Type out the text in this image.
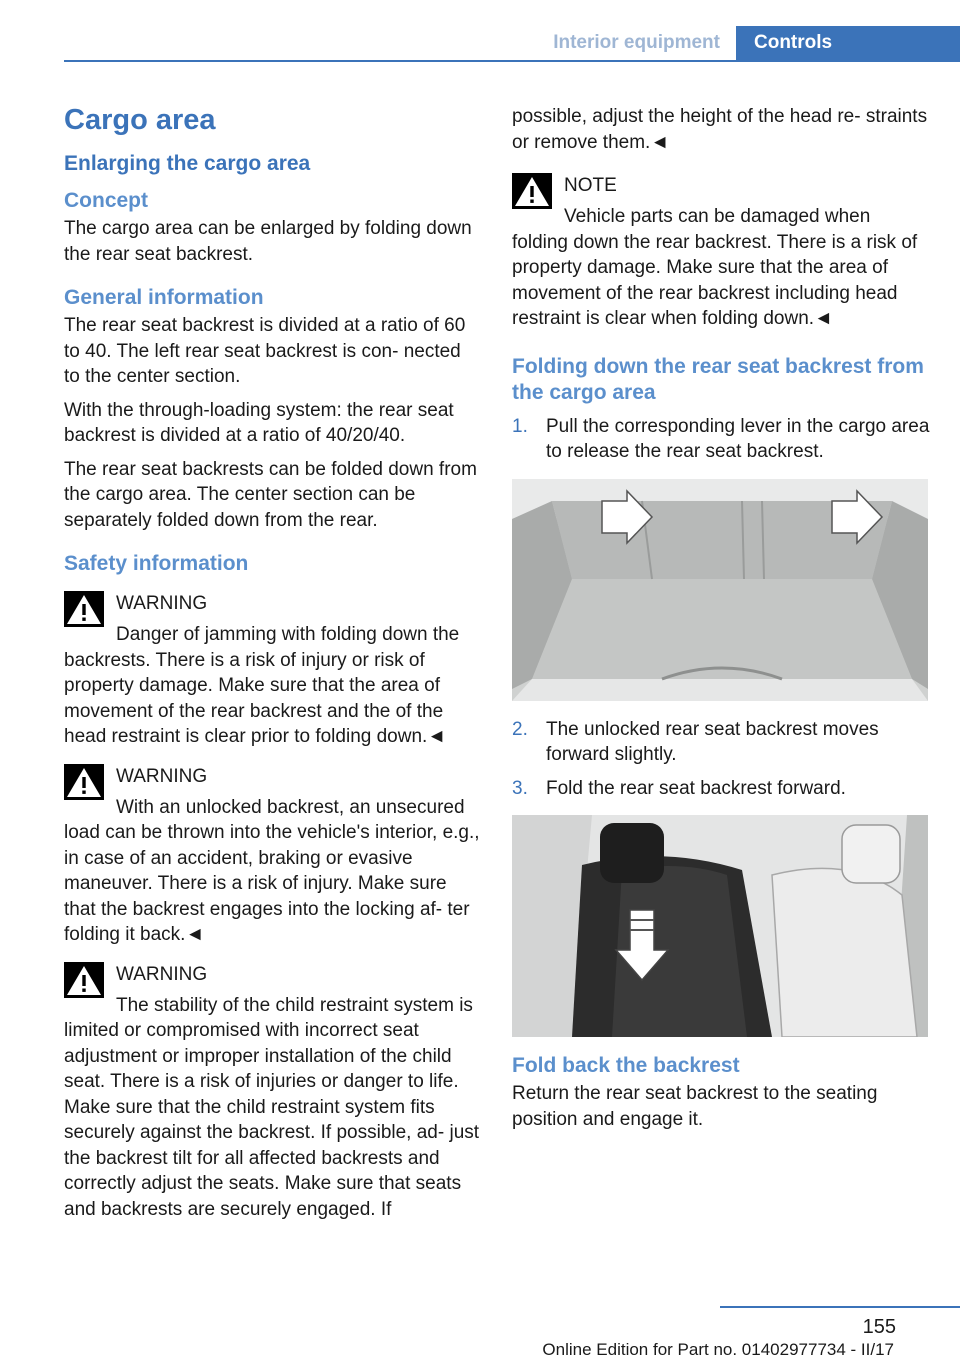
Interior equipment	Controls
Cargo area
Enlarging the cargo area
Concept

The cargo area can be enlarged by folding down the rear seat backrest.

General information

The rear seat backrest is divided at a ratio of 60 to 40. The left rear seat backrest is con‐ nected to the center section.

With the through-loading system: the rear seat backrest is divided at a ratio of 40/20/40.

The rear seat backrests can be folded down from the cargo area. The center section can be separately folded down from the rear.

Safety information
WARNING

Danger of jamming with folding down the backrests. There is a risk of injury or risk of property damage. Make sure that the area of movement of the rear backrest and the of the head restraint is clear prior to folding down.◄

WARNING

With an unlocked backrest, an unsecured load can be thrown into the vehicle's interior, e.g., in case of an accident, braking or evasive maneuver. There is a risk of injury. Make sure that the backrest engages into the locking af‐ ter folding it back.◄

WARNING

The stability of the child restraint system is limited or compromised with incorrect seat adjustment or improper installation of the child seat. There is a risk of injuries or danger to life. Make sure that the child restraint system fits securely against the backrest. If possible, ad‐ just the backrest tilt for all affected backrests and correctly adjust the seats. Make sure that seats and backrests are securely engaged. If

possible, adjust the height of the head re‐ straints or remove them.◄

NOTE

Vehicle parts can be damaged when folding down the rear backrest. There is a risk of property damage. Make sure that the area of movement of the rear backrest including head restraint is clear when folding down.◄

Folding down the rear seat backrest from the cargo area
1. Pull the corresponding lever in the cargo area to release the rear seat backrest.
2. The unlocked rear seat backrest moves forward slightly.
3. Fold the rear seat backrest forward.
Fold back the backrest

Return the rear seat backrest to the seating position and engage it.

155
Online Edition for Part no. 01402977734 - II/17
